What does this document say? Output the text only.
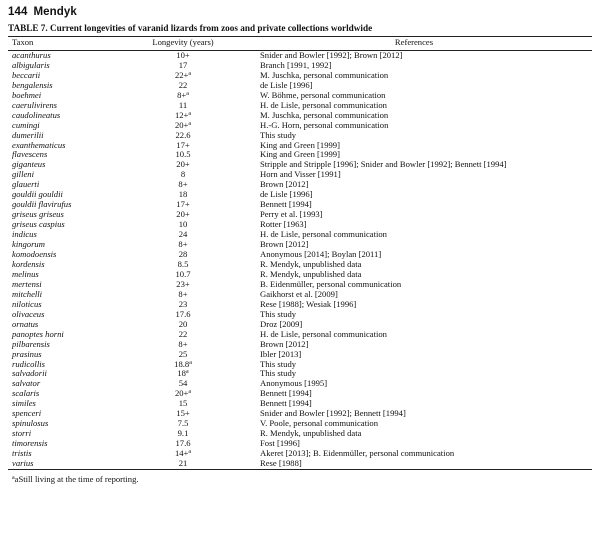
144 Mendyk
TABLE 7. Current longevities of varanid lizards from zoos and private collections worldwide
Taxon	Longevity (years)	References
acanthurus	10+	Snider and Bowler [1992]; Brown [2012]
albigularis	17	Branch [1991, 1992]
beccarii	22+$^a$	M. Juschka, personal communication
bengalensis	22	de Lisle [1996]
boehmei	8+$^a$	W. Böhme, personal communication
caerulivirens	11	H. de Lisle, personal communication
caudolineatus	12+$^a$	M. Juschka, personal communication
cumingi	20+$^a$	H.-G. Horn, personal communication
dumerilii	22.6	This study
exanthematicus	17+	King and Green [1999]
flavescens	10.5	King and Green [1999]
giganteus	20+	Stripple and Stripple [1996]; Snider and Bowler [1992]; Bennett [1994]
gilleni	8	Horn and Visser [1991]
glauerti	8+	Brown [2012]
gouldii gouldii	18	de Lisle [1996]
gouldii flavirufus	17+	Bennett [1994]
griseus griseus	20+	Perry et al. [1993]
griseus caspius	10	Rotter [1963]
indicus	24	H. de Lisle, personal communication
kingorum	8+	Brown [2012]
komodoensis	28	Anonymous [2014]; Boylan [2011]
kordensis	8.5	R. Mendyk, unpublished data
melinus	10.7	R. Mendyk, unpublished data
mertensi	23+	B. Eidenmüller, personal communication
mitchelli	8+	Gaikhorst et al. [2009]
niloticus	23	Rese [1988]; Wesiak [1996]
olivaceus	17.6	This study
ornatus	20	Droz [2009]
panoptes horni	22	H. de Lisle, personal communication
pilbarensis	8+	Brown [2012]
prasinus	25	Ibler [2013]
rudicollis	18.8$^a$	This study
salvadorii	18$^a$	This study
salvator	54	Anonymous [1995]
scalaris	20+$^a$	Bennett [1994]
similes	15	Bennett [1994]
spenceri	15+	Snider and Bowler [1992]; Bennett [1994]
spinulosus	7.5	V. Poole, personal communication
storri	9.1	R. Mendyk, unpublished data
timorensis	17.6	Fost [1996]
tristis	14+$^a$	Akeret [2013]; B. Eidenmüller, personal communication
varius	21	Rese [1988]
$^a$aStill living at the time of reporting.
